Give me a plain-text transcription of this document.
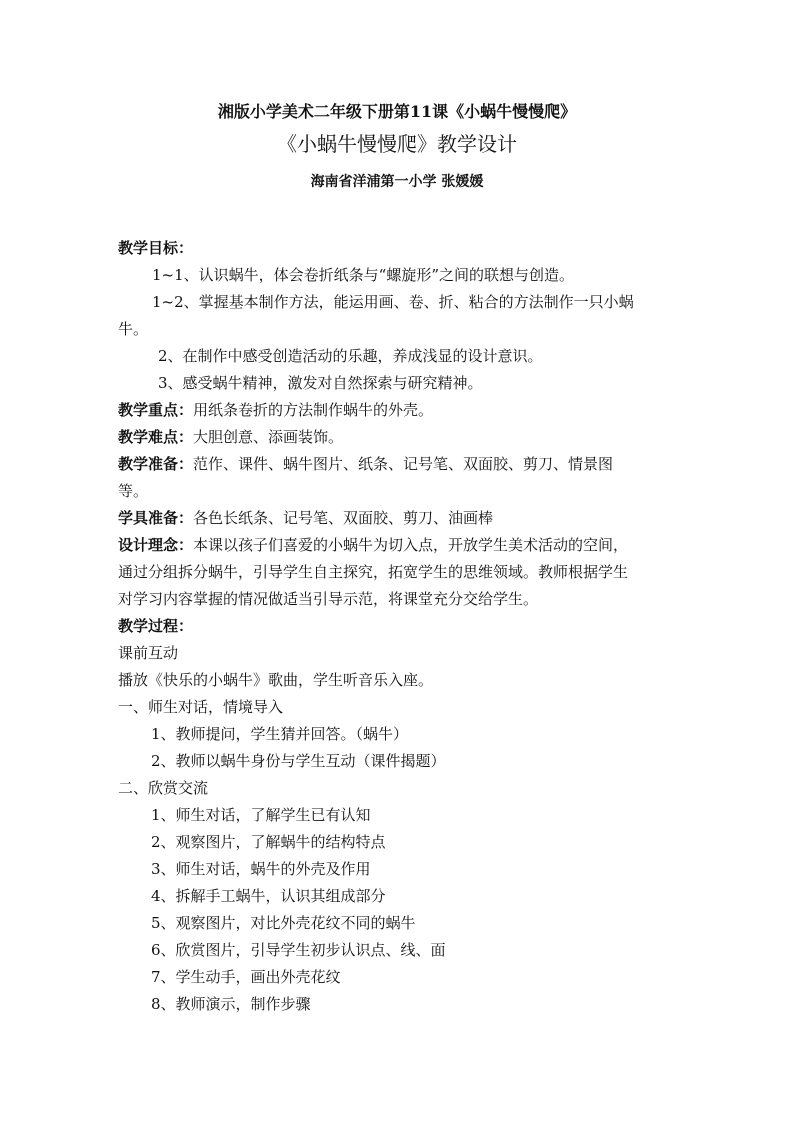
湘版小学美术二年级下册第11课《小蜗牛慢慢爬》
《小蜗牛慢慢爬》教学设计
海南省洋浦第一小学 张媛媛
教学目标：
1~1、认识蜗牛，体会卷折纸条与“螺旋形”之间的联想与创造。
1~2、掌握基本制作方法，能运用画、卷、折、粘合的方法制作一只小蜗
牛。
2、在制作中感受创造活动的乐趣，养成浅显的设计意识。
3、感受蜗牛精神，激发对自然探索与研究精神。
教学重点：用纸条卷折的方法制作蜗牛的外壳。
教学难点：大胆创意、添画装饰。
教学准备：范作、课件、蜗牛图片、纸条、记号笔、双面胶、剪刀、情景图
等。
学具准备：各色长纸条、记号笔、双面胶、剪刀、油画棒
设计理念：本课以孩子们喜爱的小蜗牛为切入点，开放学生美术活动的空间，
通过分组拆分蜗牛，引导学生自主探究，拓宽学生的思维领域。教师根据学生
对学习内容掌握的情况做适当引导示范，将课堂充分交给学生。
教学过程：
课前互动
播放《快乐的小蜗牛》歌曲，学生听音乐入座。
一、师生对话，情境导入
1、教师提问，学生猜并回答。（蜗牛）
2、教师以蜗牛身份与学生互动（课件揭题）
二、欣赏交流
1、师生对话，了解学生已有认知
2、观察图片，了解蜗牛的结构特点
3、师生对话，蜗牛的外壳及作用
4、拆解手工蜗牛，认识其组成部分
5、观察图片，对比外壳花纹不同的蜗牛
6、欣赏图片，引导学生初步认识点、线、面
7、学生动手，画出外壳花纹
8、教师演示，制作步骤
